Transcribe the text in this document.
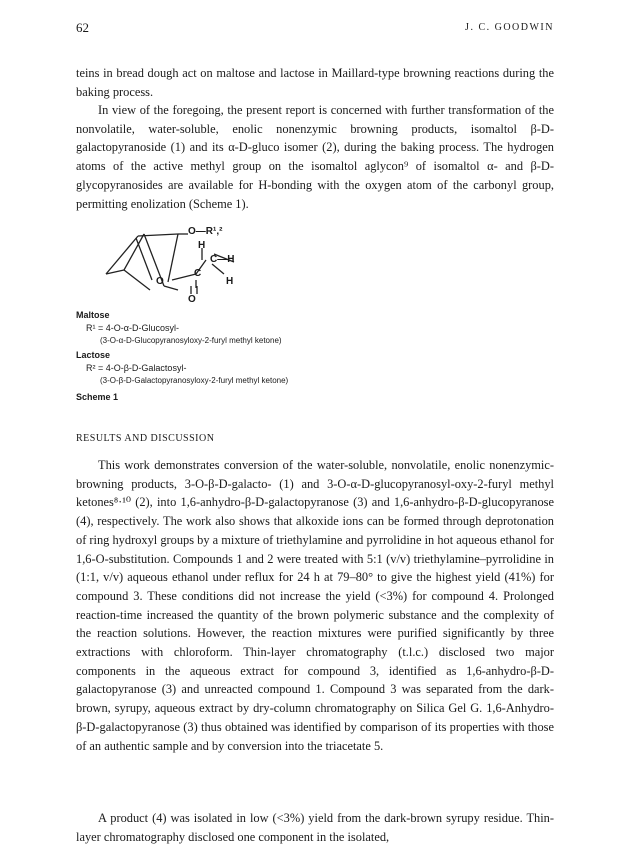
62	J. C. GOODWIN

teins in bread dough act on maltose and lactose in Maillard-type browning reactions during the baking process.

In view of the foregoing, the present report is concerned with further transformation of the nonvolatile, water-soluble, enolic nonenzymic browning products, isomaltol β-D-galactopyranoside (1) and its α-D-gluco isomer (2), during the baking process. The hydrogen atoms of the active methyl group on the isomaltol aglycon⁹ of isomaltol α- and β-D-glycopyranosides are available for H-bonding with the oxygen atom of the carbonyl group, permitting enolization (Scheme 1).

O—R¹,²
H
C—H
C
H
O
O
Maltose
R¹ = 4-O-α-D-Glucosyl-
(3-O-α-D-Glucopyranosyloxy-2-furyl methyl ketone)
Lactose
R² = 4-O-β-D-Galactosyl-
(3-O-β-D-Galactopyranosyloxy-2-furyl methyl ketone)
Scheme 1
RESULTS AND DISCUSSION

This work demonstrates conversion of the water-soluble, nonvolatile, enolic nonenzymic-browning products, 3-O-β-D-galacto- (1) and 3-O-α-D-glucopyranosyl-oxy-2-furyl methyl ketones⁸·¹⁰ (2), into 1,6-anhydro-β-D-galactopyranose (3) and 1,6-anhydro-β-D-glucopyranose (4), respectively. The work also shows that alkoxide ions can be formed through deprotonation of ring hydroxyl groups by a mixture of triethylamine and pyrrolidine in hot aqueous ethanol for 1,6-O-substitution. Compounds 1 and 2 were treated with 5:1 (v/v) triethylamine–pyrrolidine in (1:1, v/v) aqueous ethanol under reflux for 24 h at 79–80° to give the highest yield (41%) for compound 3. These conditions did not increase the yield (<3%) for compound 4. Prolonged reaction-time increased the quantity of the brown polymeric substance and the complexity of the reaction solutions. However, the reaction mixtures were purified significantly by three extractions with chloroform. Thin-layer chromatography (t.l.c.) disclosed two major components in the aqueous extract for compound 3, identified as 1,6-anhydro-β-D-galactopyranose (3) and unreacted compound 1. Compound 3 was separated from the dark-brown, syrupy, aqueous extract by dry-column chromatography on Silica Gel G. 1,6-Anhydro-β-D-galactopyranose (3) thus obtained was identified by comparison of its properties with those of an authentic sample and by conversion into the triacetate 5.

A product (4) was isolated in low (<3%) yield from the dark-brown syrupy residue. Thin-layer chromatography disclosed one component in the isolated,
